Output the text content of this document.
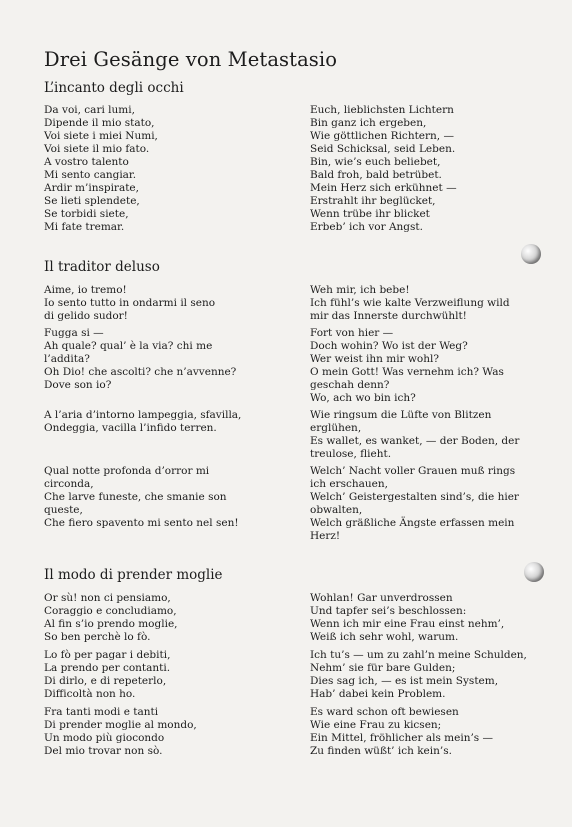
Drei Gesänge von Metastasio
L’incanto degli occhi
Da voi, cari lumi,
Dipende il mio stato,
Voi siete i miei Numi,
Voi siete il mio fato.
A vostro talento
Mi sento cangiar.
Ardir m’inspirate,
Se lieti splendete,
Se torbidi siete,
Mi fate tremar.
Euch, lieblichsten Lichtern
Bin ganz ich ergeben,
Wie göttlichen Richtern, —
Seid Schicksal, seid Leben.
Bin, wie’s euch beliebet,
Bald froh, bald betrübet.
Mein Herz sich erkühnet —
Erstrahlt ihr beglücket,
Wenn trübe ihr blicket
Erbeb’ ich vor Angst.
Il traditor deluso
Aime, io tremo!
Io sento tutto in ondarmi il seno
di gelido sudor!
Fugga si —
Ah quale? qual’ è la via? chi me
l’addita?
Oh Dio! che ascolti? che n’avvenne?
Dove son io?
A l’aria d’intorno lampeggia, sfavilla,
Ondeggia, vacilla l’infido terren.
Qual notte profonda d’orror mi
circonda,
Che larve funeste, che smanie son
queste,
Che fiero spavento mi sento nel sen!
Weh mir, ich bebe!
Ich fühl’s wie kalte Verzweiflung wild mir das Innerste durchwühlt!
Fort von hier —
Doch wohin? Wo ist der Weg?
Wer weist ihn mir wohl?
O mein Gott! Was vernehm ich? Was geschah denn?
Wo, ach wo bin ich?
Wie ringsum die Lüfte von Blitzen erglühen,
Es wallet, es wanket, — der Boden, der treulose, flieht.
Welch’ Nacht voller Grauen muß rings ich erschauen,
Welch’ Geistergestalten sind’s, die hier obwalten,
Welch gräßliche Ängste erfassen mein Herz!
Il modo di prender moglie
Or sù! non ci pensiamo,
Coraggio e concludiamo,
Al fin s’io prendo moglie,
So ben perchè lo fò.
Lo fò per pagar i debiti,
La prendo per contanti.
Di dirlo, e di repeterlo,
Difficoltà non ho.
Fra tanti modi e tanti
Di prender moglie al mondo,
Un modo più giocondo
Del mio trovar non sò.
Wohlan! Gar unverdrossen
Und tapfer sei’s beschlossen:
Wenn ich mir eine Frau einst nehm’,
Weiß ich sehr wohl, warum.
Ich tu’s — um zu zahl’n meine Schulden,
Nehm’ sie für bare Gulden;
Dies sag ich, — es ist mein System,
Hab’ dabei kein Problem.
Es ward schon oft bewiesen
Wie eine Frau zu kicsen;
Ein Mittel, fröhlicher als mein’s —
Zu finden wüßt’ ich kein’s.
